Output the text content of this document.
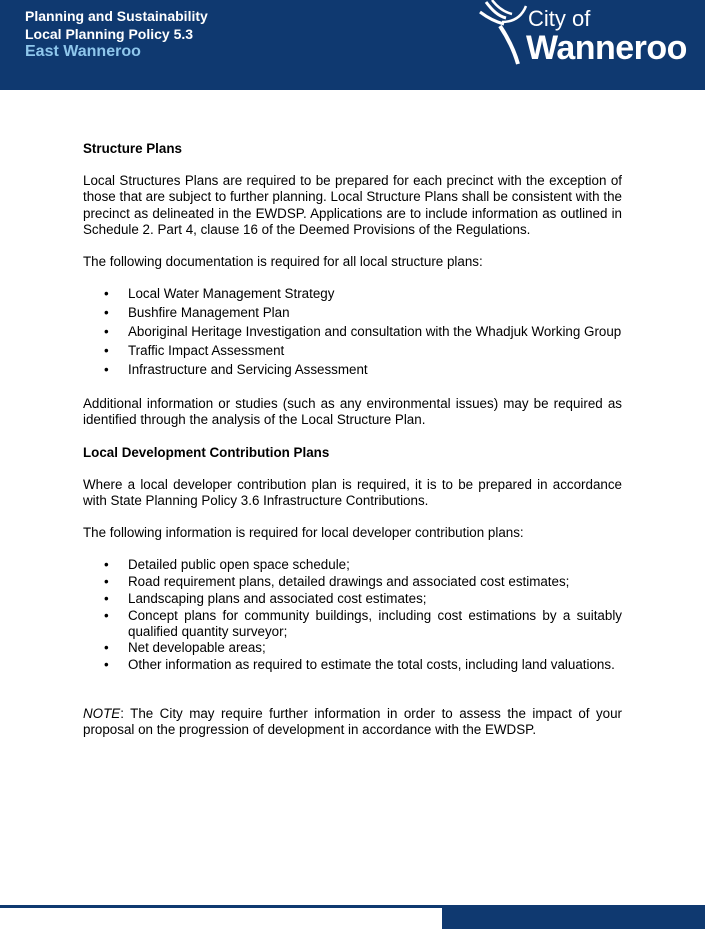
Planning and Sustainability
Local Planning Policy 5.3
East Wanneroo
City of
Wanneroo

Structure Plans

Local Structures Plans are required to be prepared for each precinct with the exception of those that are subject to further planning. Local Structure Plans shall be consistent with the precinct as delineated in the EWDSP. Applications are to include information as outlined in Schedule 2. Part 4, clause 16 of the Deemed Provisions of the Regulations.

The following documentation is required for all local structure plans:

• Local Water Management Strategy
• Bushfire Management Plan
• Aboriginal Heritage Investigation and consultation with the Whadjuk Working Group
• Traffic Impact Assessment
• Infrastructure and Servicing Assessment

Additional information or studies (such as any environmental issues) may be required as identified through the analysis of the Local Structure Plan.

Local Development Contribution Plans

Where a local developer contribution plan is required, it is to be prepared in accordance with State Planning Policy 3.6 Infrastructure Contributions.

The following information is required for local developer contribution plans:

• Detailed public open space schedule;
• Road requirement plans, detailed drawings and associated cost estimates;
• Landscaping plans and associated cost estimates;
• Concept plans for community buildings, including cost estimations by a suitably qualified quantity surveyor;
• Net developable areas;
• Other information as required to estimate the total costs, including land valuations.

NOTE: The City may require further information in order to assess the impact of your proposal on the progression of development in accordance with the EWDSP.
